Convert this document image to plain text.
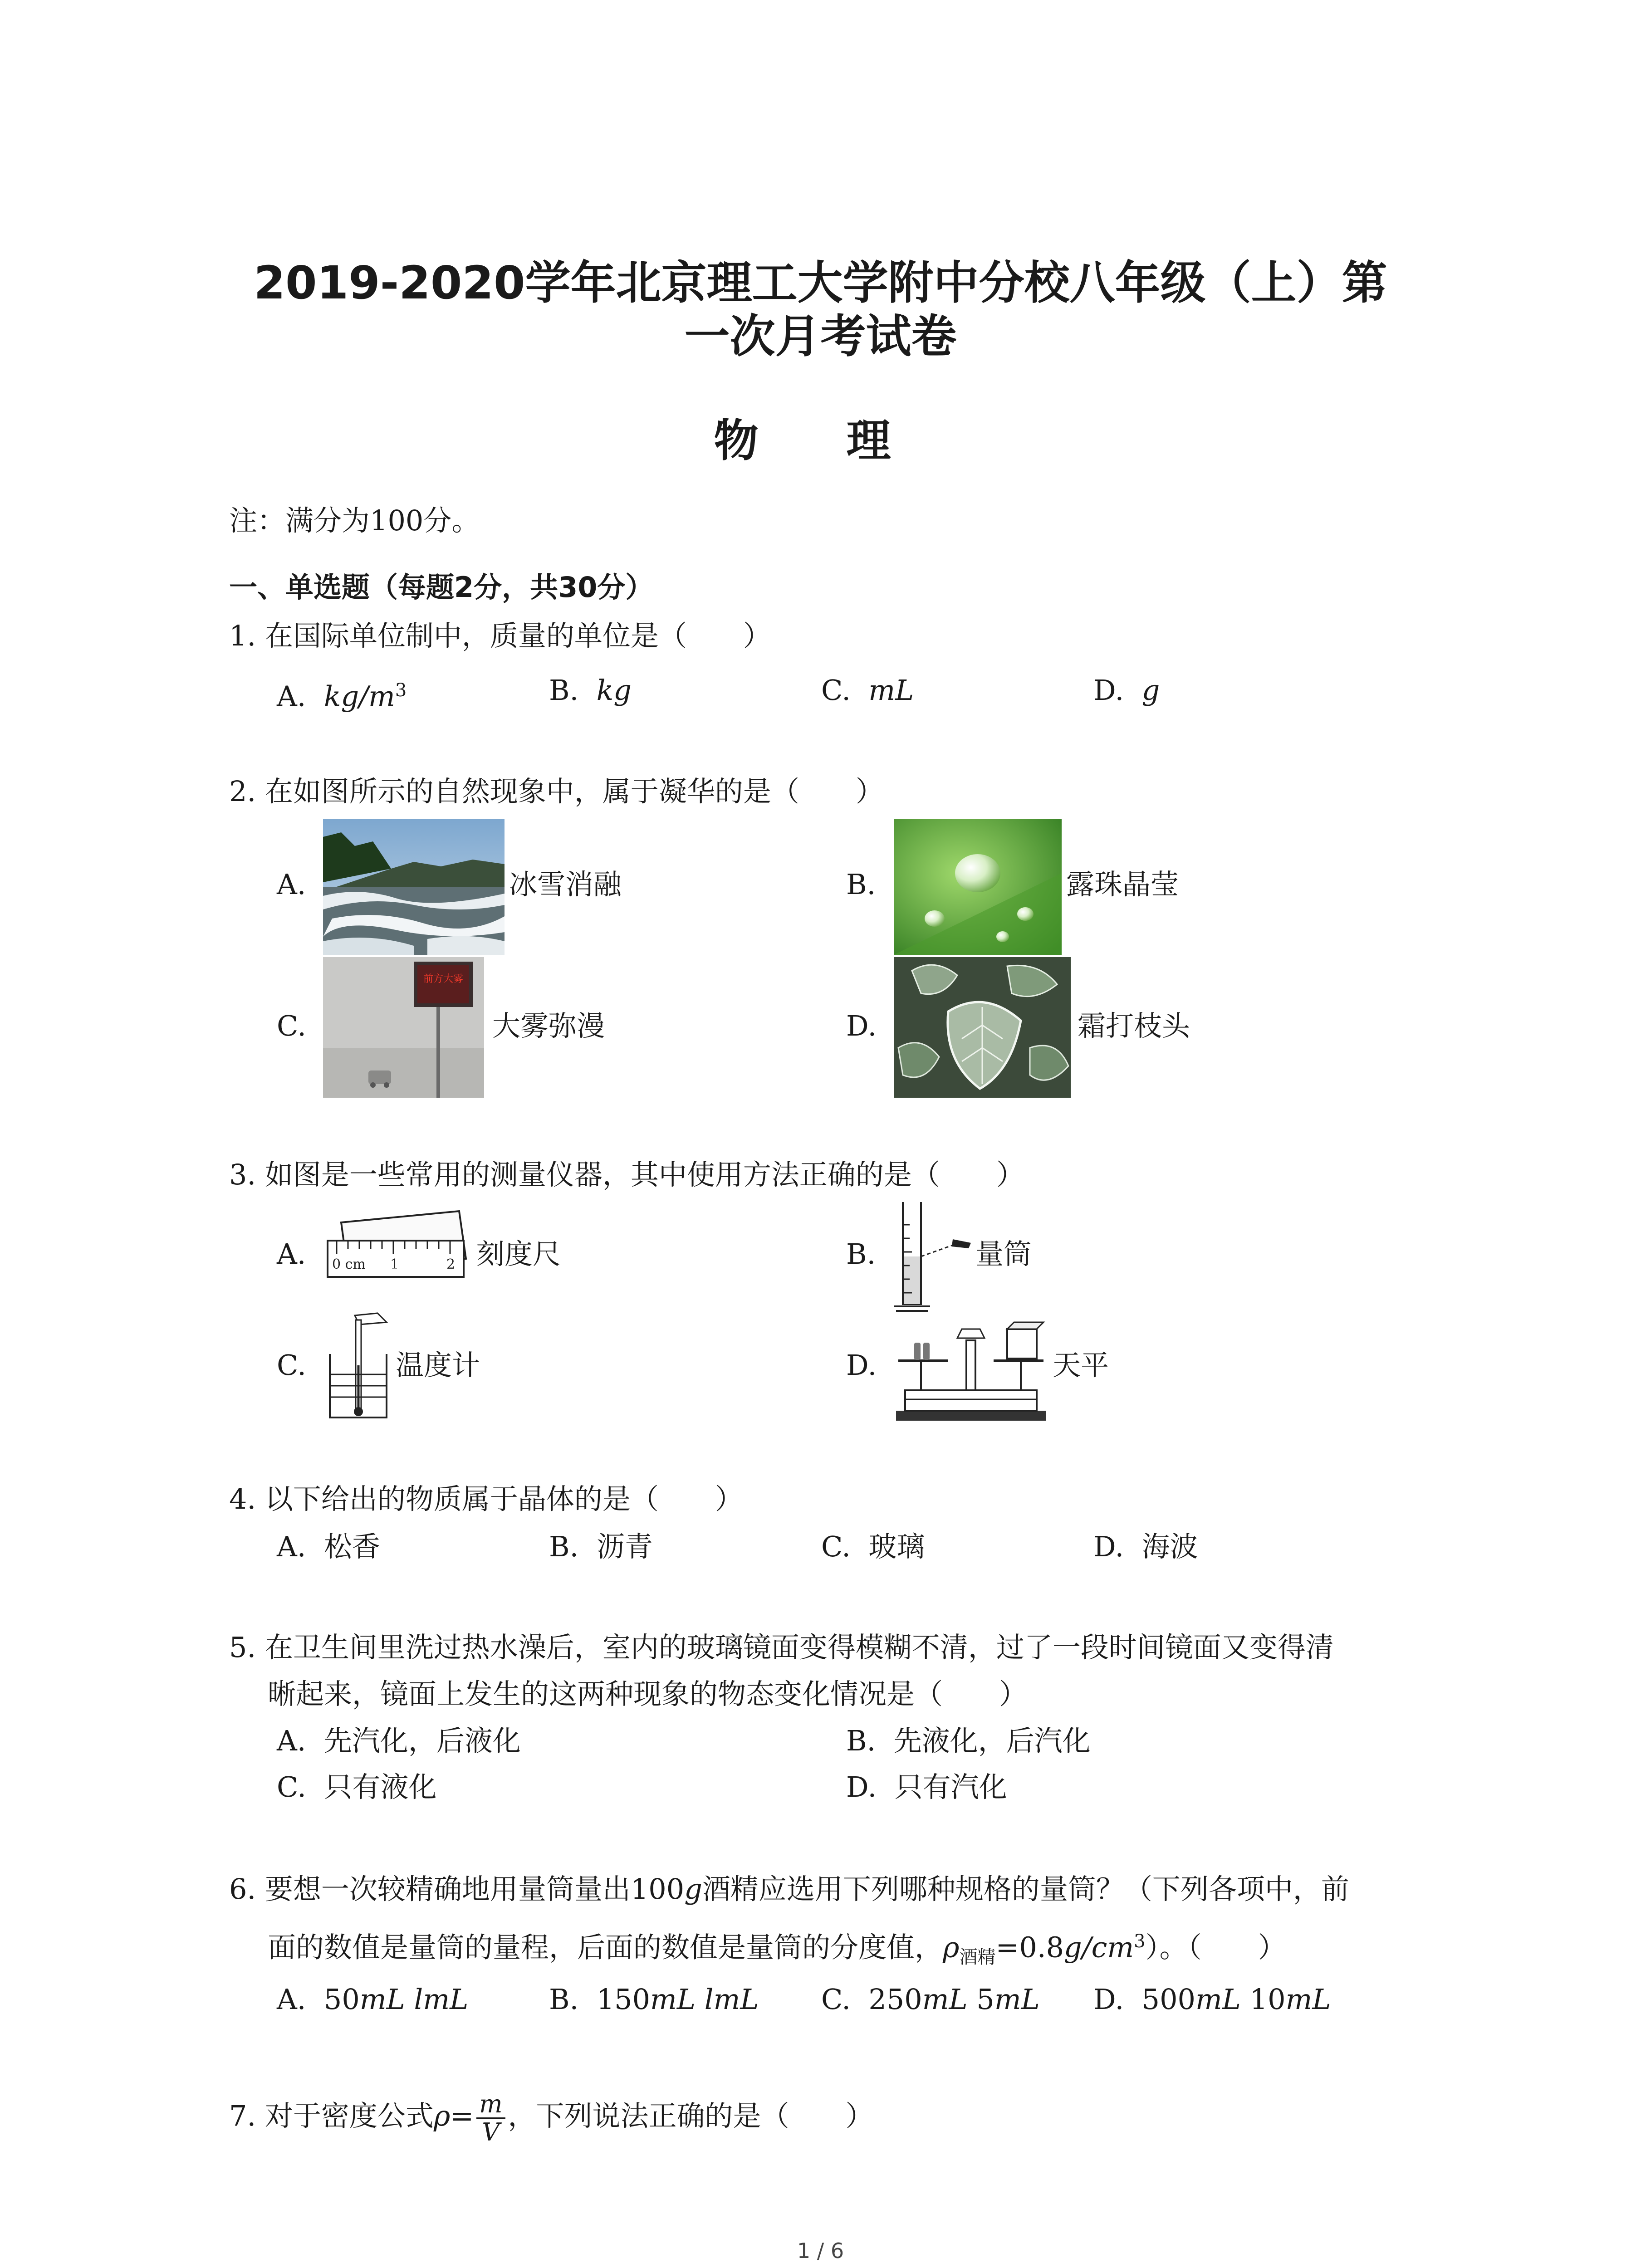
2019-2020学年北京理工大学附中分校八年级（上）第
一次月考试卷
物 理
注：满分为100分。
一、单选题（每题2分，共30分）
1. 在国际单位制中，质量的单位是（　　）
A. $kg/m^3$	B. kg	C. mL	D. g
2. 在如图所示的自然现象中，属于凝华的是（　　）
A.	冰雪消融	B.	露珠晶莹
C.
前方大雾
大雾弥漫	D.	霜打枝头
3. 如图是一些常用的测量仪器，其中使用方法正确的是（　　）
A. 0 cm 1	2 刻度尺	B.	量筒
C.	温度计	D.	天平
4. 以下给出的物质属于晶体的是（　　）
A. 松香	B. 沥青	C. 玻璃	D. 海波
5. 在卫生间里洗过热水澡后，室内的玻璃镜面变得模糊不清，过了一段时间镜面又变得清
晰起来，镜面上发生的这两种现象的物态变化情况是（　　）
A. 先汽化，后液化	B. 先液化，后汽化
C. 只有液化	D. 只有汽化
6. 要想一次较精确地用量筒量出100g酒精应选用下列哪种规格的量筒？（下列各项中，前
面的数值是量筒的量程，后面的数值是量筒的分度值，$\rho_{酒精}=0.8g/cm^3$）。（　　）
A. 50mL lmL	B. 150mL lmL C. 250mL 5mL D. 500mL 10mL
7. 对于密度公式$\rho= \frac{m}{V}$ ，下列说法正确的是（　　）
1 / 6
